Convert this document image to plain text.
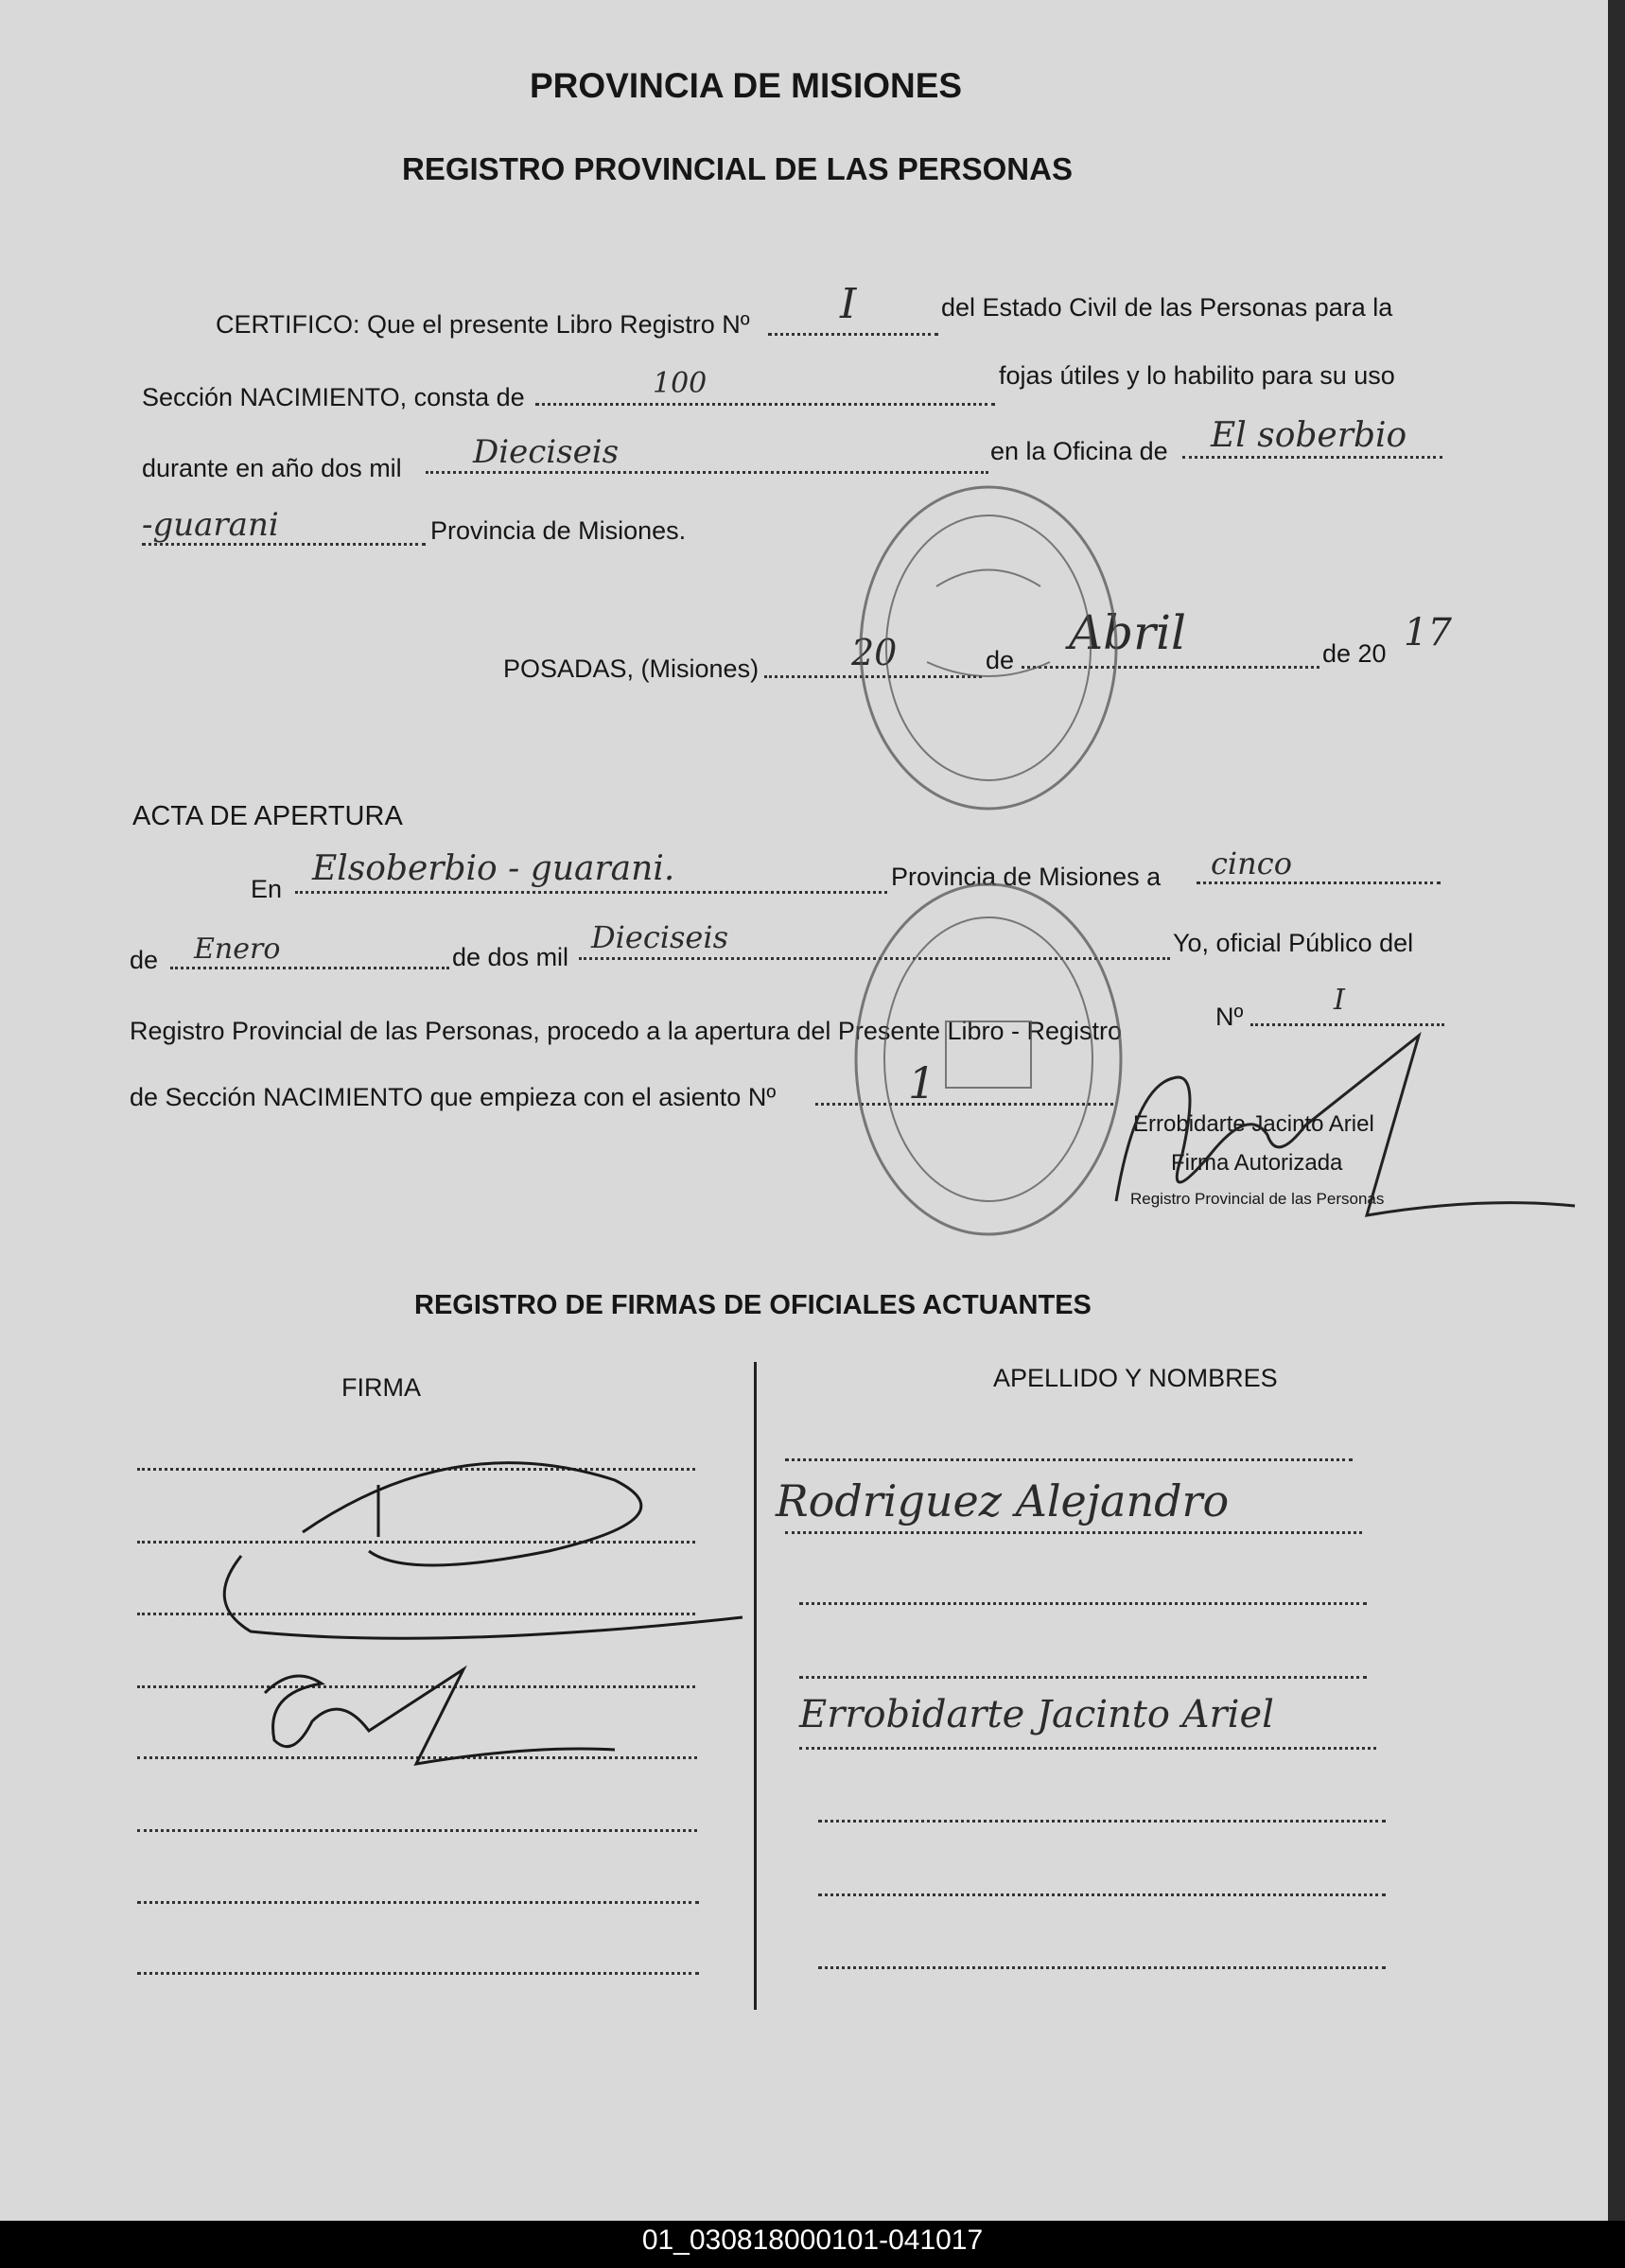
PROVINCIA DE MISIONES
REGISTRO PROVINCIAL DE LAS PERSONAS
CERTIFICO: Que el presente Libro Registro Nº I	del Estado Civil de las Personas para la
Sección NACIMIENTO, consta de	100	fojas útiles y lo habilito para su uso
durante en año dos mil Dieciseis	en la Oficina de El soberbio
-guarani	Provincia de Misiones.
POSADAS, (Misiones)	20	de Abril	de 20 17
ACTA DE APERTURA
En
Elsoberbio - guarani.	Provincia de Misiones a cinco
de Enero	de dos mil
Dieciseis	Yo, oficial Público del
Registro Provincial de las Personas, procedo a la apertura del Presente Libro - Registro	Nº	I
de Sección NACIMIENTO que empieza con el asiento Nº	1
Errobidarte Jacinto Ariel
Firma Autorizada
Registro Provincial de las Personas
REGISTRO DE FIRMAS DE OFICIALES ACTUANTES
FIRMA	APELLIDO Y NOMBRES
Rodriguez Alejandro
Errobidarte Jacinto Ariel
01_030818000101-041017
